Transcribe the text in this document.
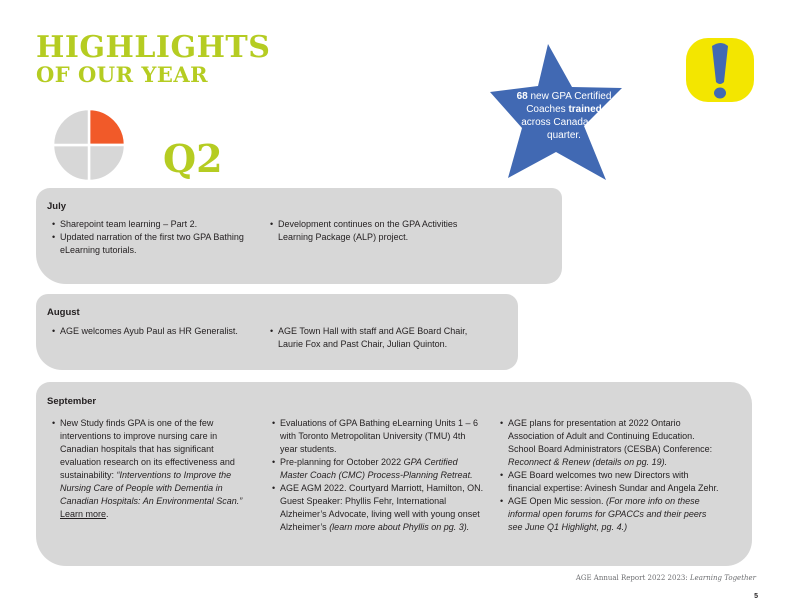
HIGHLIGHTS
OF OUR YEAR
Q2
68 new GPA Certified Coaches trained across Canada this quarter.
July
• Sharepoint team learning – Part 2.
• Updated narration of the first two GPA Bathing eLearning tutorials.
• Development continues on the GPA Activities Learning Package (ALP) project.
August
• AGE welcomes Ayub Paul as HR Generalist.
•	AGE Town Hall with staff and AGE Board Chair, Laurie Fox and Past Chair, Julian Quinton.
September
• New Study finds GPA is one of the few interventions to improve nursing care in Canadian hospitals that has significant evaluation research on its effectiveness and sustainability: “Interventions to Improve the Nursing Care of People with Dementia in Canadian Hospitals: An Environmental Scan.” Learn more.
• Evaluations of GPA Bathing eLearning Units 1 – 6 with Toronto Metropolitan University (TMU) 4th year students.
• Pre-planning for October 2022 GPA Certified Master Coach (CMC) Process-Planning Retreat.
• AGE AGM 2022. Courtyard Marriott, Hamilton, ON. Guest Speaker: Phyllis Fehr, International Alzheimer’s Advocate, living well with young onset Alzheimer’s (learn more about Phyllis on pg. 3).
• AGE plans for presentation at 2022 Ontario Association of Adult and Continuing Education. School Board Administrators (CESBA) Conference: Reconnect & Renew (details on pg. 19).
• AGE Board welcomes two new Directors with financial expertise: Avinesh Sundar and Angela Zehr.
• AGE Open Mic session. (For more info on these informal open forums for GPACCs and their peers see June Q1 Highlight, pg. 4.)
AGE Annual Report 2022 2023: Learning Together
5
